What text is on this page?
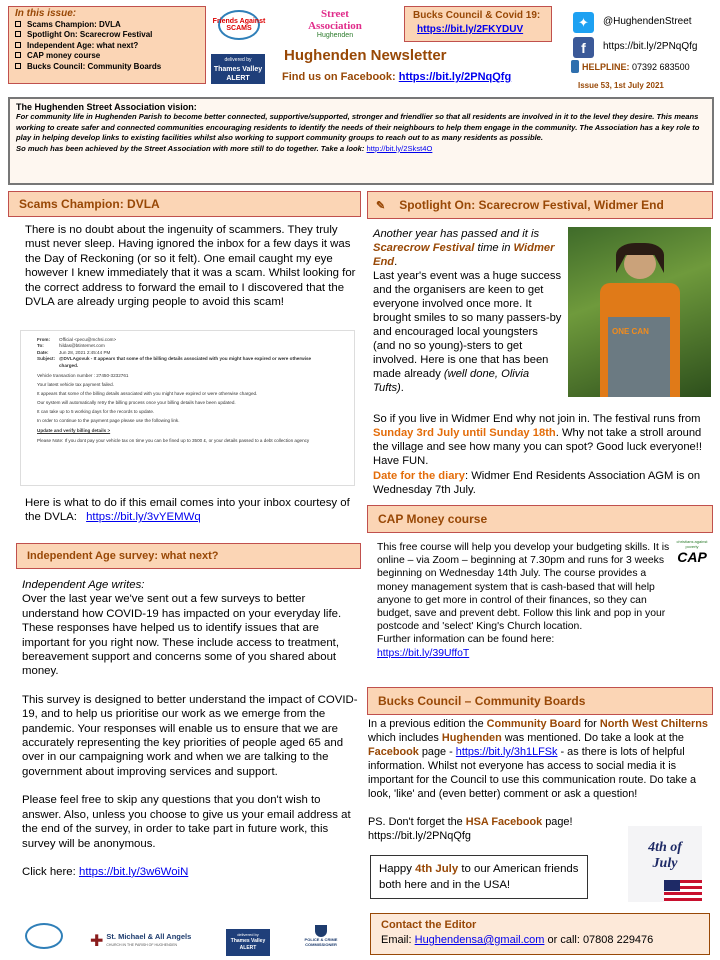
In this issue:
Scams Champion: DVLA
Spotlight On: Scarecrow Festival
Independent Age: what next?
CAP money course
Bucks Council: Community Boards
Friends Against SCAMS
Street Association
Hughenden
delivered by
Thames Valley ALERT
Bucks Council & Covid 19:
https://bit.ly/2FKYDUV
Hughenden Newsletter
Find us on Facebook: https://bit.ly/2PNqQfg
✦	@HughendenStreet
f	https://bit.ly/2PNqQfg
HELPLINE: 07392 683500
Issue 53, 1st July 2021
The Hughenden Street Association vision:
For community life in Hughenden Parish to become better connected, supportive/supported, stronger and friendlier so that all residents are involved in it to the level they desire. This means working to create safer and connected communities encouraging residents to identify the needs of their neighbours to help them engage in the community. The Association has a key role to play in helping develop links to existing facilities whilst also working to support community groups to reach out to as many residents as possible.
So much has been achieved by the Street Association with more still to do together. Take a look: http://bit.ly/2Skst4O
Scams Champion: DVLA
There is no doubt about the ingenuity of scammers. They truly must never sleep. Having ignored the inbox for a few days it was the Day of Reckoning (or so it felt). One email caught my eye however I knew immediately that it was a scam. Whilst looking for the correct address to forward the email to I discovered that the DVLA are already urging people to avoid this scam!
From:	Official <pecu@mchsi.com>
To:	hildas@btinternet.com
Date:	Jun 28, 2021 2:45:44 PM
Subject: @DVLAgovuk - It appears that some of the billing details associated with you might have expired or were otherwise charged.
Vehicle transaction number : 27450-3232761
Your latest vehicle tax payment failed.
It appears that some of the billing details associated with you might have expired or were otherwise charged.
Our system will automatically retry the billing process once your billing details have been updated.
It can take up to 5 working days for the records to update.
In order to continue to the payment page please use the following link.
Update and verify billing details >
Please Note: If you dont pay your vehicle tax on time you can be fined up to 3500 £, or your details passed to a debt collection agency
Here is what to do if this email comes into your inbox courtesy of the DVLA: https://bit.ly/3vYEMWq
Independent Age survey: what next?

Independent Age writes:

Over the last year we've sent out a few surveys to better understand how COVID-19 has impacted on your everyday life. These responses have helped us to identify issues that are important for you right now. These include access to treatment, bereavement support and concerns some of you shared about money.

This survey is designed to better understand the impact of COVID-19, and to help us prioritise our work as we emerge from the pandemic. Your responses will enable us to ensure that we are accurately representing the key priorities of people aged 65 and over in our campaigning work and when we are talking to the government about improving services and support.

Please feel free to skip any questions that you don't wish to answer. Also, unless you choose to give us your email address at the end of the survey, in order to take part in future work, this survey will be anonymous.

Click here: https://bit.ly/3w6WoiN

✎ Spotlight On: Scarecrow Festival, Widmer End
Another year has passed and it is Scarecrow Festival time in Widmer End.
Last year's event was a huge success and the organisers are keen to get everyone involved once more. It brought smiles to so many passers-by and encouraged local youngsters (and no so young)-sters to get involved. Here is one that has been made already (well done, Olivia Tufts).
ONE CAN
So if you live in Widmer End why not join in. The festival runs from Sunday 3rd July until Sunday 18th. Why not take a stroll around the village and see how many you can spot? Good luck everyone!! Have FUN.
Date for the diary: Widmer End Residents Association AGM is on Wednesday 7th July.
CAP Money course

This free course will help you develop your budgeting skills. It is online – via Zoom – beginning at 7.30pm and runs for 3 weeks beginning on Wednesday 14th July. The course provides a money management system that is cash-based that will help anyone to get more in control of their finances, so they can budget, save and prevent debt. Follow this link and pop in your postcode and 'select' King's Church location.

Further information can be found here:

https://bit.ly/39UffoT

christians against poverty
CAP
Bucks Council – Community Boards
In a previous edition the Community Board for North West Chilterns which includes Hughenden was mentioned. Do take a look at the Facebook page - https://bit.ly/3h1LFSk - as there is lots of helpful information. Whilst not everyone has access to social media it is important for the Council to use this communication route. Do take a look, 'like' and (even better) comment or ask a question!
PS. Don't forget the HSA Facebook page!
https://bit.ly/2PNqQfg
4th of July
Happy 4th July to our American friends both here and in the USA!
Contact the Editor
Email: Hughendensa@gmail.com or call: 07808 229476
✚ St. Michael & All Angels
CHURCH IN THE PARISH OF HUGHENDEN
delivered by
Thames Valley ALERT
POLICE & CRIME COMMISSIONER
